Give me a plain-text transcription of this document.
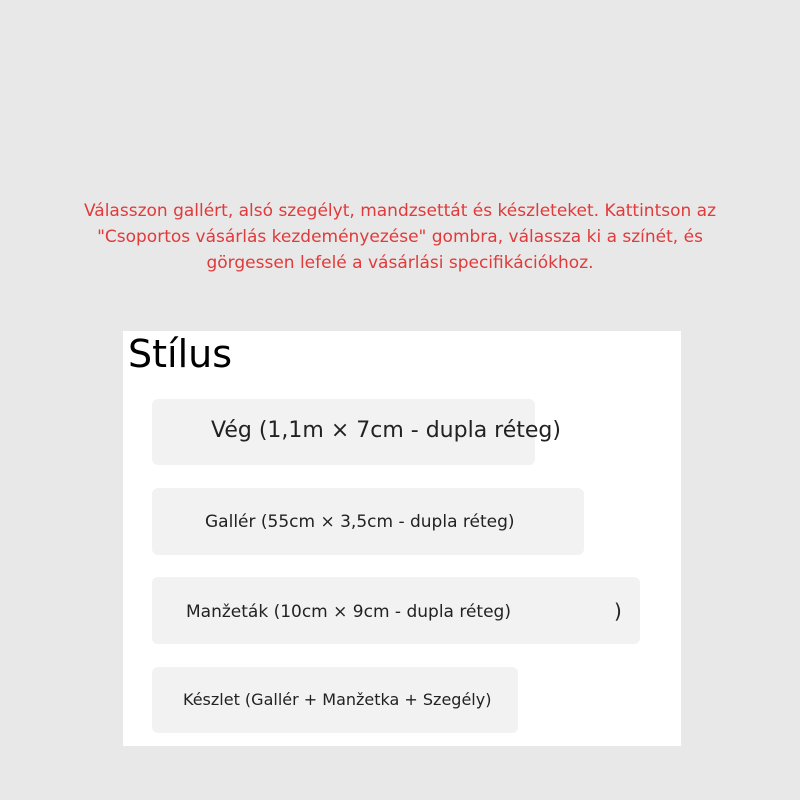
Válasszon gallért, alsó szegélyt, mandzsettát és készleteket. Kattintson az
"Csoportos vásárlás kezdeményezése" gombra, válassza ki a színét, és
görgessen lefelé a vásárlási specifikációkhoz.
Stílus
Vég (1,1m × 7cm - dupla réteg)
Gallér (55cm × 3,5cm - dupla réteg)
Manžeták (10cm × 9cm - dupla réteg)	)
Készlet (Gallér + Manžetka + Szegély)
